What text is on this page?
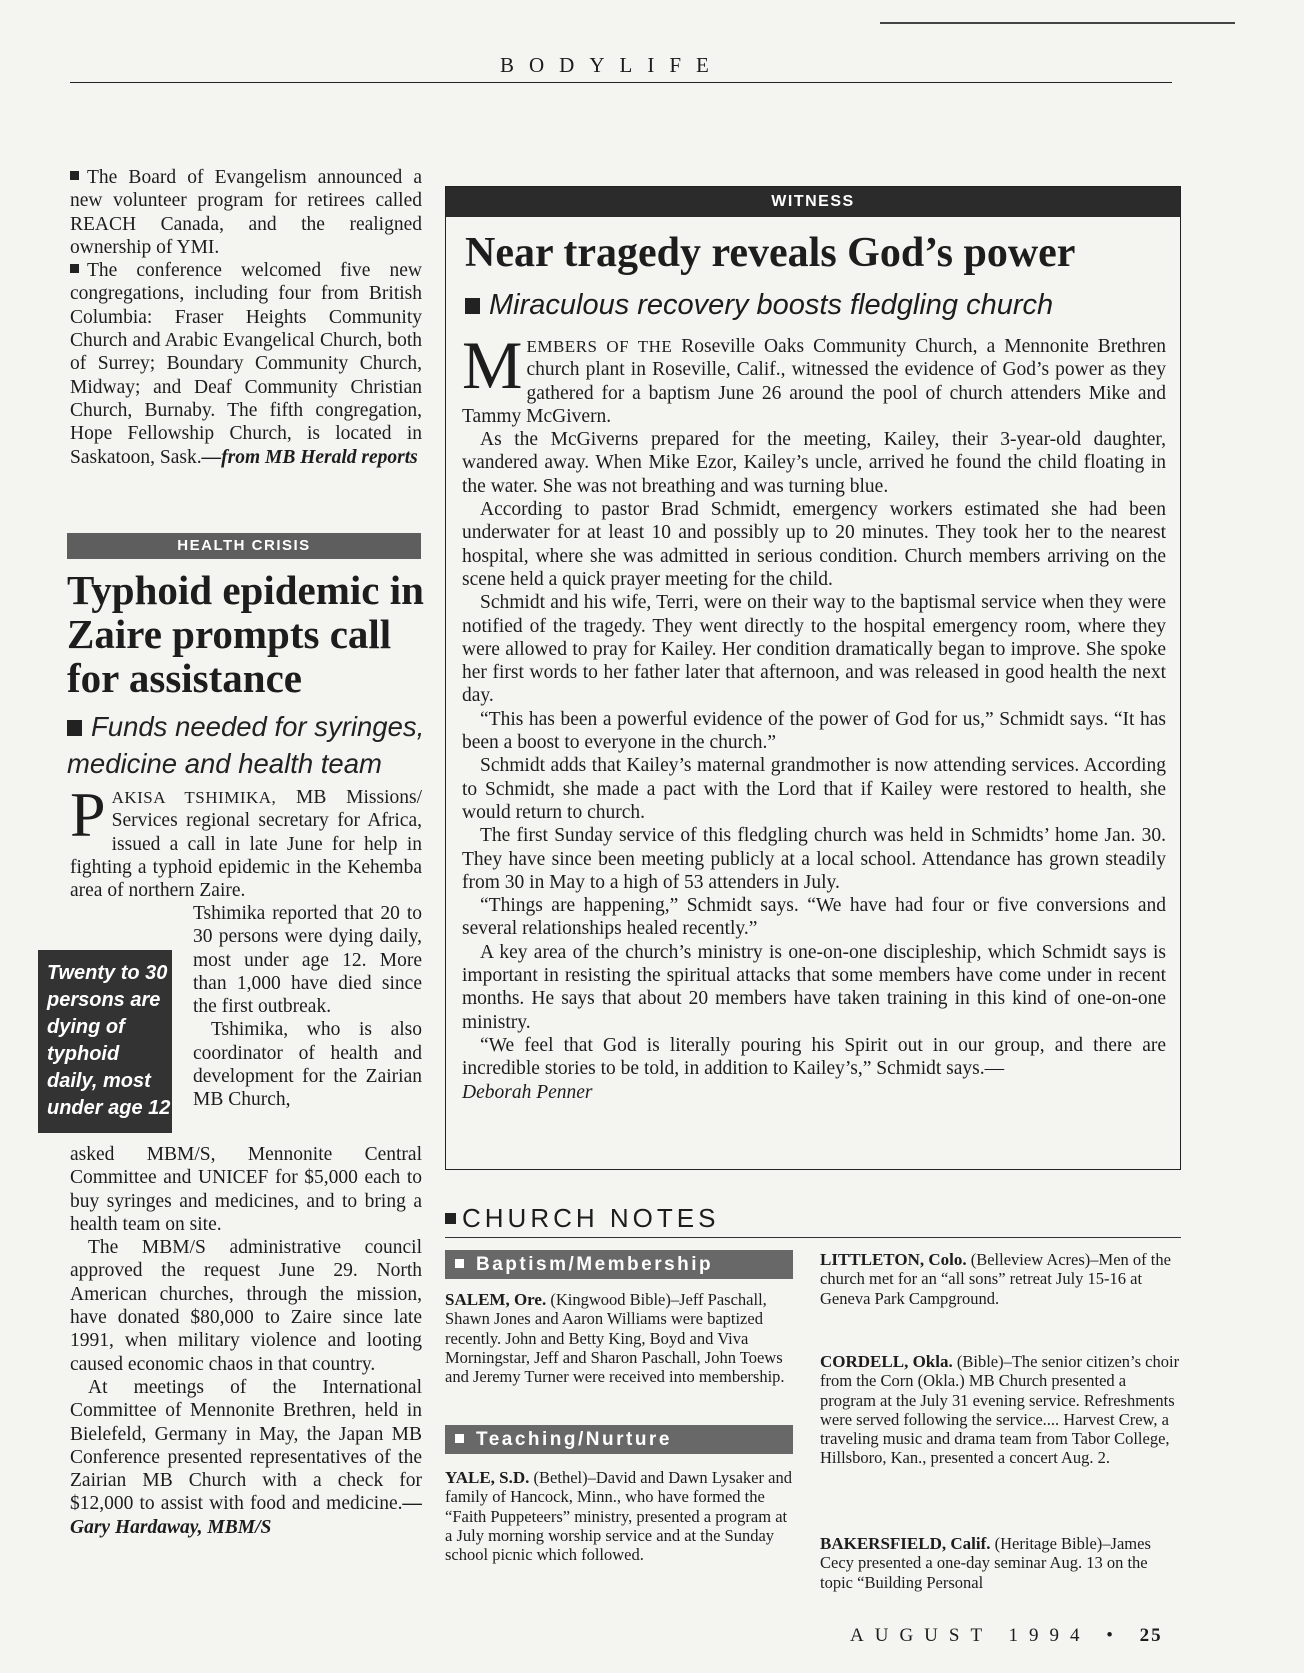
BODYLIFE

The Board of Evangelism announced a new volunteer program for retirees called REACH Canada, and the realigned ownership of YMI.

The conference welcomed five new congregations, including four from British Columbia: Fraser Heights Community Church and Arabic Evangelical Church, both of Surrey; Boundary Community Church, Midway; and Deaf Community Christian Church, Burnaby. The fifth congregation, Hope Fellowship Church, is located in Saskatoon, Sask.—from MB Herald reports

HEALTH CRISIS
Typhoid epidemic in Zaire prompts call for assistance

Funds needed for syringes, medicine and health team

PAKISA TSHIMIKA, MB Missions/ Services regional secretary for Africa, issued a call in late June for help in fighting a typhoid epidemic in the Kehemba area of northern Zaire.

Twenty to 30 persons are dying of typhoid daily, most under age 12

Tshimika reported that 20 to 30 persons were dying daily, most under age 12. More than 1,000 have died since the first outbreak.

Tshimika, who is also coordinator of health and development for the Zairian MB Church,

asked MBM/S, Mennonite Central Committee and UNICEF for $5,000 each to buy syringes and medicines, and to bring a health team on site.

The MBM/S administrative council approved the request June 29. North American churches, through the mission, have donated $80,000 to Zaire since late 1991, when military violence and looting caused economic chaos in that country.

At meetings of the International Committee of Mennonite Brethren, held in Bielefeld, Germany in May, the Japan MB Conference presented representatives of the Zairian MB Church with a check for $12,000 to assist with food and medicine.—Gary Hardaway, MBM/S

WITNESS
Near tragedy reveals God’s power

Miraculous recovery boosts fledgling church

MEMBERS OF THE Roseville Oaks Community Church, a Mennonite Brethren church plant in Roseville, Calif., witnessed the evidence of God’s power as they gathered for a baptism June 26 around the pool of church attenders Mike and Tammy McGivern.

As the McGiverns prepared for the meeting, Kailey, their 3-year-old daughter, wandered away. When Mike Ezor, Kailey’s uncle, arrived he found the child floating in the water. She was not breathing and was turning blue.

According to pastor Brad Schmidt, emergency workers estimated she had been underwater for at least 10 and possibly up to 20 minutes. They took her to the nearest hospital, where she was admitted in serious condition. Church members arriving on the scene held a quick prayer meeting for the child.

Schmidt and his wife, Terri, were on their way to the baptismal service when they were notified of the tragedy. They went directly to the hospital emergency room, where they were allowed to pray for Kailey. Her condition dramatically began to improve. She spoke her first words to her father later that afternoon, and was released in good health the next day.

“This has been a powerful evidence of the power of God for us,” Schmidt says. “It has been a boost to everyone in the church.”

Schmidt adds that Kailey’s maternal grandmother is now attending services. According to Schmidt, she made a pact with the Lord that if Kailey were restored to health, she would return to church.

The first Sunday service of this fledgling church was held in Schmidts’ home Jan. 30. They have since been meeting publicly at a local school. Attendance has grown steadily from 30 in May to a high of 53 attenders in July.

“Things are happening,” Schmidt says. “We have had four or five conversions and several relationships healed recently.”

A key area of the church’s ministry is one-on-one discipleship, which Schmidt says is important in resisting the spiritual attacks that some members have come under in recent months. He says that about 20 members have taken training in this kind of one-on-one ministry.

“We feel that God is literally pouring his Spirit out in our group, and there are incredible stories to be told, in addition to Kailey’s,” Schmidt says.—
Deborah Penner

CHURCH NOTES
Baptism/Membership

SALEM, Ore. (Kingwood Bible)–Jeff Paschall, Shawn Jones and Aaron Williams were baptized recently. John and Betty King, Boyd and Viva Morningstar, Jeff and Sharon Paschall, John Toews and Jeremy Turner were received into membership.

Teaching/Nurture

YALE, S.D. (Bethel)–David and Dawn Lysaker and family of Hancock, Minn., who have formed the “Faith Puppeteers” ministry, presented a program at a July morning worship service and at the Sunday school picnic which followed.

LITTLETON, Colo. (Belleview Acres)–Men of the church met for an “all sons” retreat July 15-16 at Geneva Park Campground.

CORDELL, Okla. (Bible)–The senior citizen’s choir from the Corn (Okla.) MB Church presented a program at the July 31 evening service. Refreshments were served following the service.... Harvest Crew, a traveling music and drama team from Tabor College, Hillsboro, Kan., presented a concert Aug. 2.

BAKERSFIELD, Calif. (Heritage Bible)–James Cecy presented a one-day seminar Aug. 13 on the topic “Building Personal

AUGUST 1994 • 25
